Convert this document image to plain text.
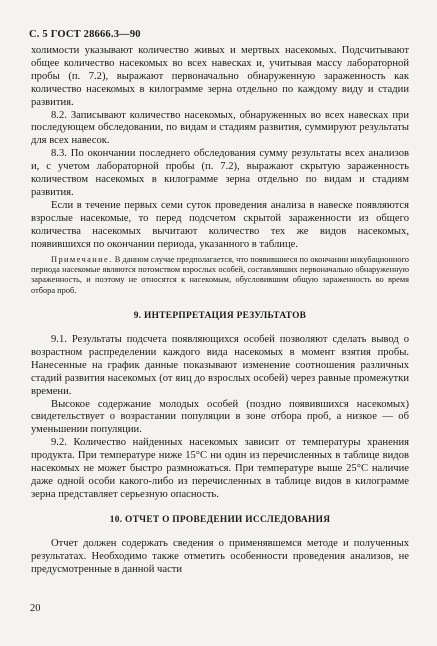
С. 5 ГОСТ 28666.3—90

холимости указывают количество живых и мертвых насекомых. Подсчитывают общее количество насекомых во всех навесках и, учитывая массу лабораторной пробы (п. 7.2), выражают первоначально обнаруженную зараженность как количество насекомых в килограмме зерна отдельно по каждому виду и стадии развития.

8.2. Записывают количество насекомых, обнаруженных во всех навесках при последующем обследовании, по видам и стадиям развития, суммируют результаты для всех навесок.

8.3. По окончании последнего обследования сумму результаты всех анализов и, с учетом лабораторной пробы (п. 7.2), выражают скрытую зараженность количеством насекомых в килограмме зерна отдельно по видам и стадиям развития.

Если в течение первых семи суток проведения анализа в навеске появляются взрослые насекомые, то перед подсчетом скрытой зараженности из общего количества насекомых вычитают количество тех же видов насекомых, появившихся по окончании периода, указанного в таблице.

Примечание. В данном случае предполагается, что появившиеся по окончании инкубационного периода насекомые являются потомством взрослых особей, составлявших первоначально обнаруженную зараженность, и поэтому не относятся к насекомым, обусловившим общую зараженность во время отбора проб.

9. ИНТЕРПРЕТАЦИЯ РЕЗУЛЬТАТОВ

9.1. Результаты подсчета появляющихся особей позволяют сделать вывод о возрастном распределении каждого вида насекомых в момент взятия пробы. Нанесенные на график данные показывают изменение соотношения различных стадий развития насекомых (от яиц до взрослых особей) через равные промежутки времени.

Высокое содержание молодых особей (поздно появившихся насекомых) свидетельствует о возрастании популяции в зоне отбора проб, а низкое — об уменьшении популяции.

9.2. Количество найденных насекомых зависит от температуры хранения продукта. При температуре ниже 15°С ни один из перечисленных в таблице видов насекомых не может быстро размножаться. При температуре выше 25°С наличие даже одной особи какого-либо из перечисленных в таблице видов в килограмме зерна представляет серьезную опасность.

10. ОТЧЕТ О ПРОВЕДЕНИИ ИССЛЕДОВАНИЯ

Отчет должен содержать сведения о применявшемся методе и полученных результатах. Необходимо также отметить особенности проведения анализов, не предусмотренные в данной части

20
